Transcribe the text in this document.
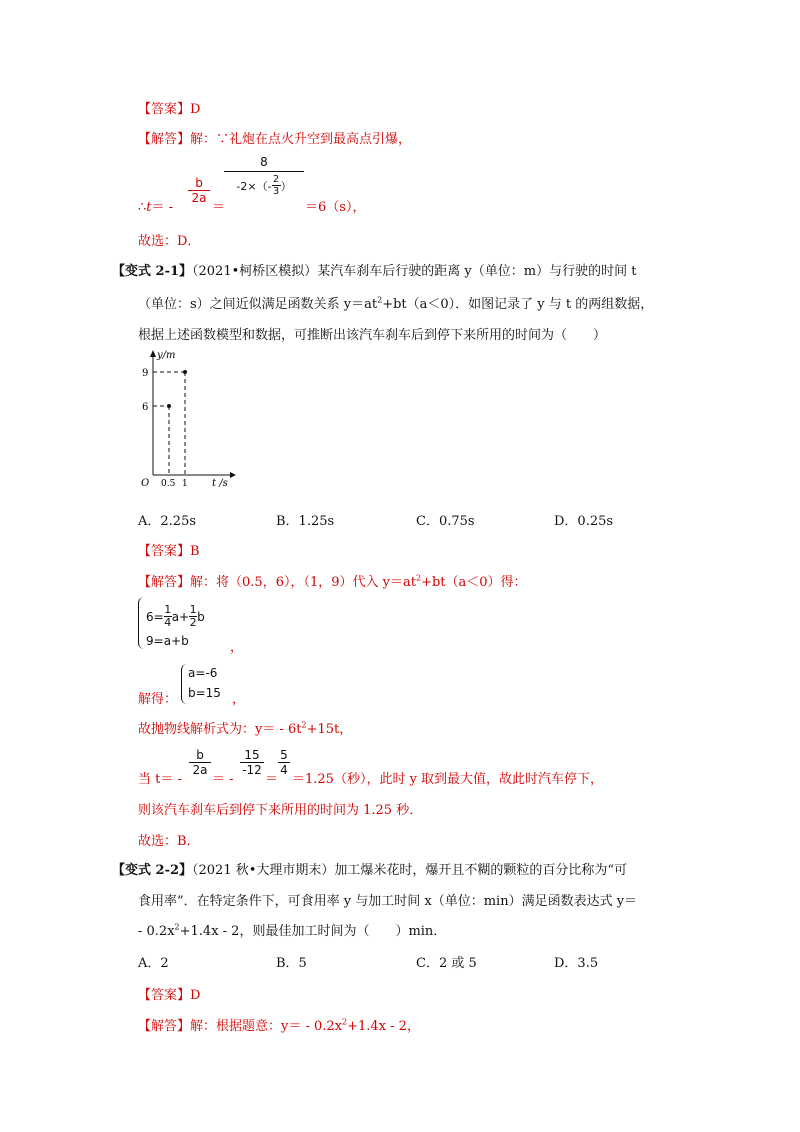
【答案】D
【解答】解：∵礼炮在点火升空到最高点引爆，
∴t＝ -
b
2a
＝
8
-2×（- 2
3 ）
＝6（s），
故选：D．
【变式 2-1】（2021•柯桥区模拟）某汽车刹车后行驶的距离 y（单位：m）与行驶的时间 t
（单位：s）之间近似满足函数关系 $y=at^2+bt(a<0)$．如图记录了 y 与 t 的两组数据，
根据上述函数模型和数据，可推断出该汽车刹车后到停下来所用的时间为（　　）
y/m
9
6
O 0.5 1 t /s
A．2.25s	B．1.25s	C．0.75s	D．0.25s
【答案】B
【解答】解：将（0.5，6），（1，9）代入 $y=at^2+bt(a<0)$得：
6= 1
4 a+ 1
2 b
9=a+b	，
解得：
a=-6
b=15 ，
故抛物线解析式为：$y= - 6t^2+15t$，
当 t＝ -
b
2a
＝ -
15
-12
＝
5
4
＝1.25（秒），此时 y 取到最大值，故此时汽车停下，
则该汽车刹车后到停下来所用的时间为 1.25 秒．
故选：B．
【变式 2-2】（2021 秋•大理市期末）加工爆米花时，爆开且不糊的颗粒的百分比称为“可
食用率”．在特定条件下，可食用率 y 与加工时间 x（单位：min）满足函数表达式 y＝
- $0.2x^2+1.4x - 2$，则最佳加工时间为（　　）min．
A．2	B．5	C．2 或 5	D．3.5
【答案】D
【解答】解：根据题意：$y= - 0.2x^2+1.4x - 2$，
